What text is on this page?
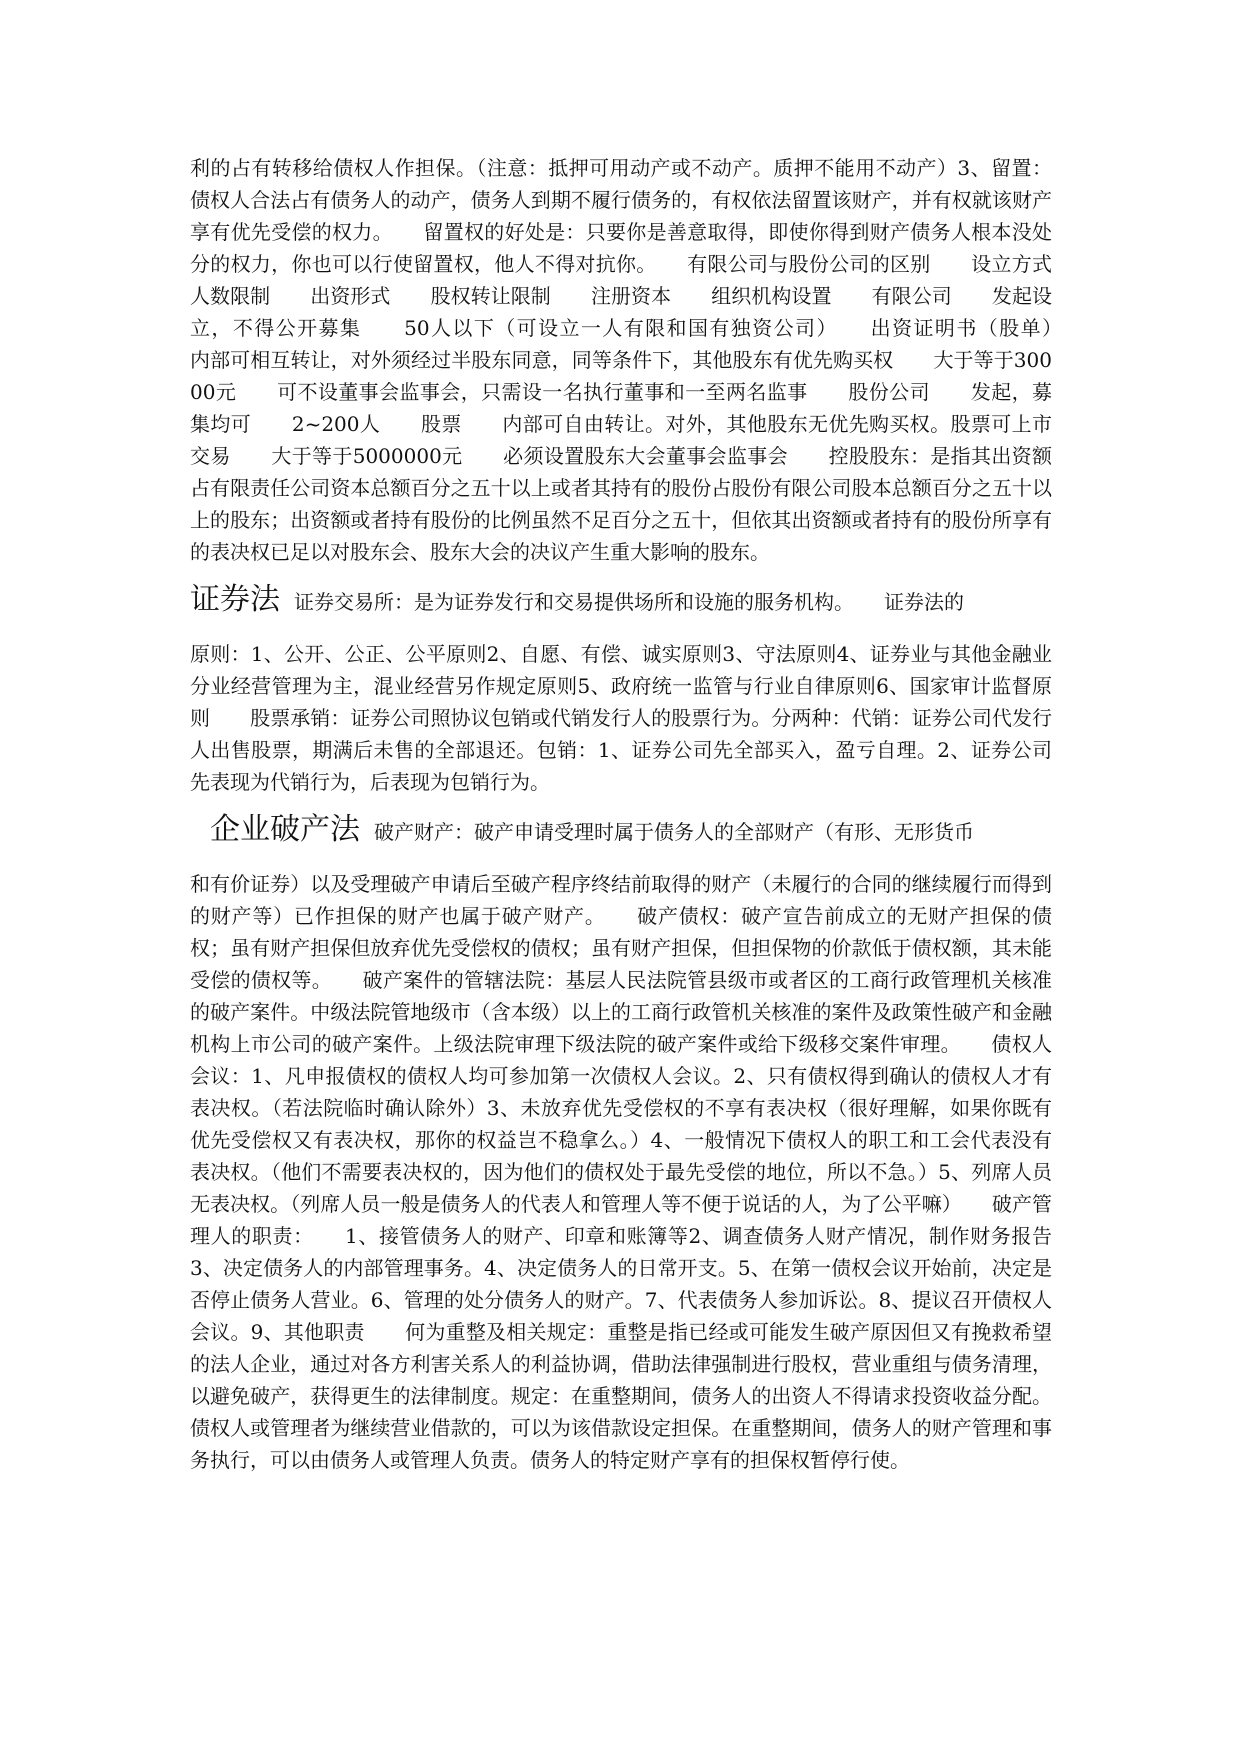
利的占有转移给债权人作担保。（注意：抵押可用动产或不动产。质押不能用不动产）3、留置：债权人合法占有债务人的动产，债务人到期不履行债务的，有权依法留置该财产，并有权就该财产享有优先受偿的权力。　　留置权的好处是：只要你是善意取得，即使你得到财产债务人根本没处分的权力，你也可以行使留置权，他人不得对抗你。　　有限公司与股份公司的区别　　设立方式　　人数限制　　出资形式　　股权转让限制　　注册资本　　组织机构设置　　有限公司　　发起设立，不得公开募集　　50人以下（可设立一人有限和国有独资公司）　　出资证明书（股单）　　内部可相互转让，对外须经过半股东同意，同等条件下，其他股东有优先购买权　　大于等于30000元　　可不设董事会监事会，只需设一名执行董事和一至两名监事　　股份公司　　发起，募集均可　　2~200人　　股票　　内部可自由转让。对外，其他股东无优先购买权。股票可上市交易　　大于等于5000000元　　必须设置股东大会董事会监事会　　控股股东：是指其出资额占有限责任公司资本总额百分之五十以上或者其持有的股份占股份有限公司股本总额百分之五十以上的股东；出资额或者持有股份的比例虽然不足百分之五十，但依其出资额或者持有的股份所享有的表决权已足以对股东会、股东大会的决议产生重大影响的股东。

证券法 证券交易所：是为证券发行和交易提供场所和设施的服务机构。　　证券法的

原则：1、公开、公正、公平原则2、自愿、有偿、诚实原则3、守法原则4、证券业与其他金融业分业经营管理为主，混业经营另作规定原则5、政府统一监管与行业自律原则6、国家审计监督原则　　股票承销：证券公司照协议包销或代销发行人的股票行为。分两种：代销：证券公司代发行人出售股票，期满后未售的全部退还。包销：1、证券公司先全部买入，盈亏自理。2、证券公司先表现为代销行为，后表现为包销行为。

企业破产法 破产财产：破产申请受理时属于债务人的全部财产（有形、无形货币

和有价证券）以及受理破产申请后至破产程序终结前取得的财产（未履行的合同的继续履行而得到的财产等）已作担保的财产也属于破产财产。　　破产债权：破产宣告前成立的无财产担保的债权；虽有财产担保但放弃优先受偿权的债权；虽有财产担保，但担保物的价款低于债权额，其未能受偿的债权等。　　破产案件的管辖法院：基层人民法院管县级市或者区的工商行政管理机关核准的破产案件。中级法院管地级市（含本级）以上的工商行政管机关核准的案件及政策性破产和金融机构上市公司的破产案件。上级法院审理下级法院的破产案件或给下级移交案件审理。　　债权人会议：1、凡申报债权的债权人均可参加第一次债权人会议。2、只有债权得到确认的债权人才有表决权。（若法院临时确认除外）3、未放弃优先受偿权的不享有表决权（很好理解，如果你既有优先受偿权又有表决权，那你的权益岂不稳拿么。）4、一般情况下债权人的职工和工会代表没有表决权。（他们不需要表决权的，因为他们的债权处于最先受偿的地位，所以不急。）5、列席人员无表决权。（列席人员一般是债务人的代表人和管理人等不便于说话的人，为了公平嘛）　　破产管理人的职责：　　1、接管债务人的财产、印章和账簿等2、调查债务人财产情况，制作财务报告3、决定债务人的内部管理事务。4、决定债务人的日常开支。5、在第一债权会议开始前，决定是否停止债务人营业。6、管理的处分债务人的财产。7、代表债务人参加诉讼。8、提议召开债权人会议。9、其他职责　　何为重整及相关规定：重整是指已经或可能发生破产原因但又有挽救希望的法人企业，通过对各方利害关系人的利益协调，借助法律强制进行股权，营业重组与债务清理，以避免破产，获得更生的法律制度。规定：在重整期间，债务人的出资人不得请求投资收益分配。债权人或管理者为继续营业借款的，可以为该借款设定担保。在重整期间，债务人的财产管理和事务执行，可以由债务人或管理人负责。债务人的特定财产享有的担保权暂停行使。
